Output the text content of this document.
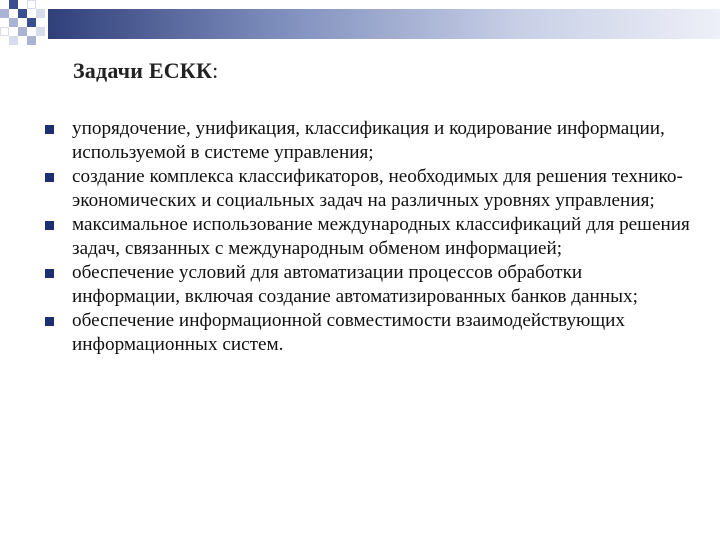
Задачи ЕСКК:
упорядочение, унификация, классификация и кодирование информации, используемой в системе управления;
создание комплекса классификаторов, необходимых для решения технико-экономических и социальных задач на различных уровнях управления;
максимальное использование международных классификаций для решения задач, связанных с международным обменом информацией;
обеспечение условий для автоматизации процессов обработки информации, включая создание автоматизированных банков данных;
обеспечение информационной совместимости взаимодействующих информационных систем.
